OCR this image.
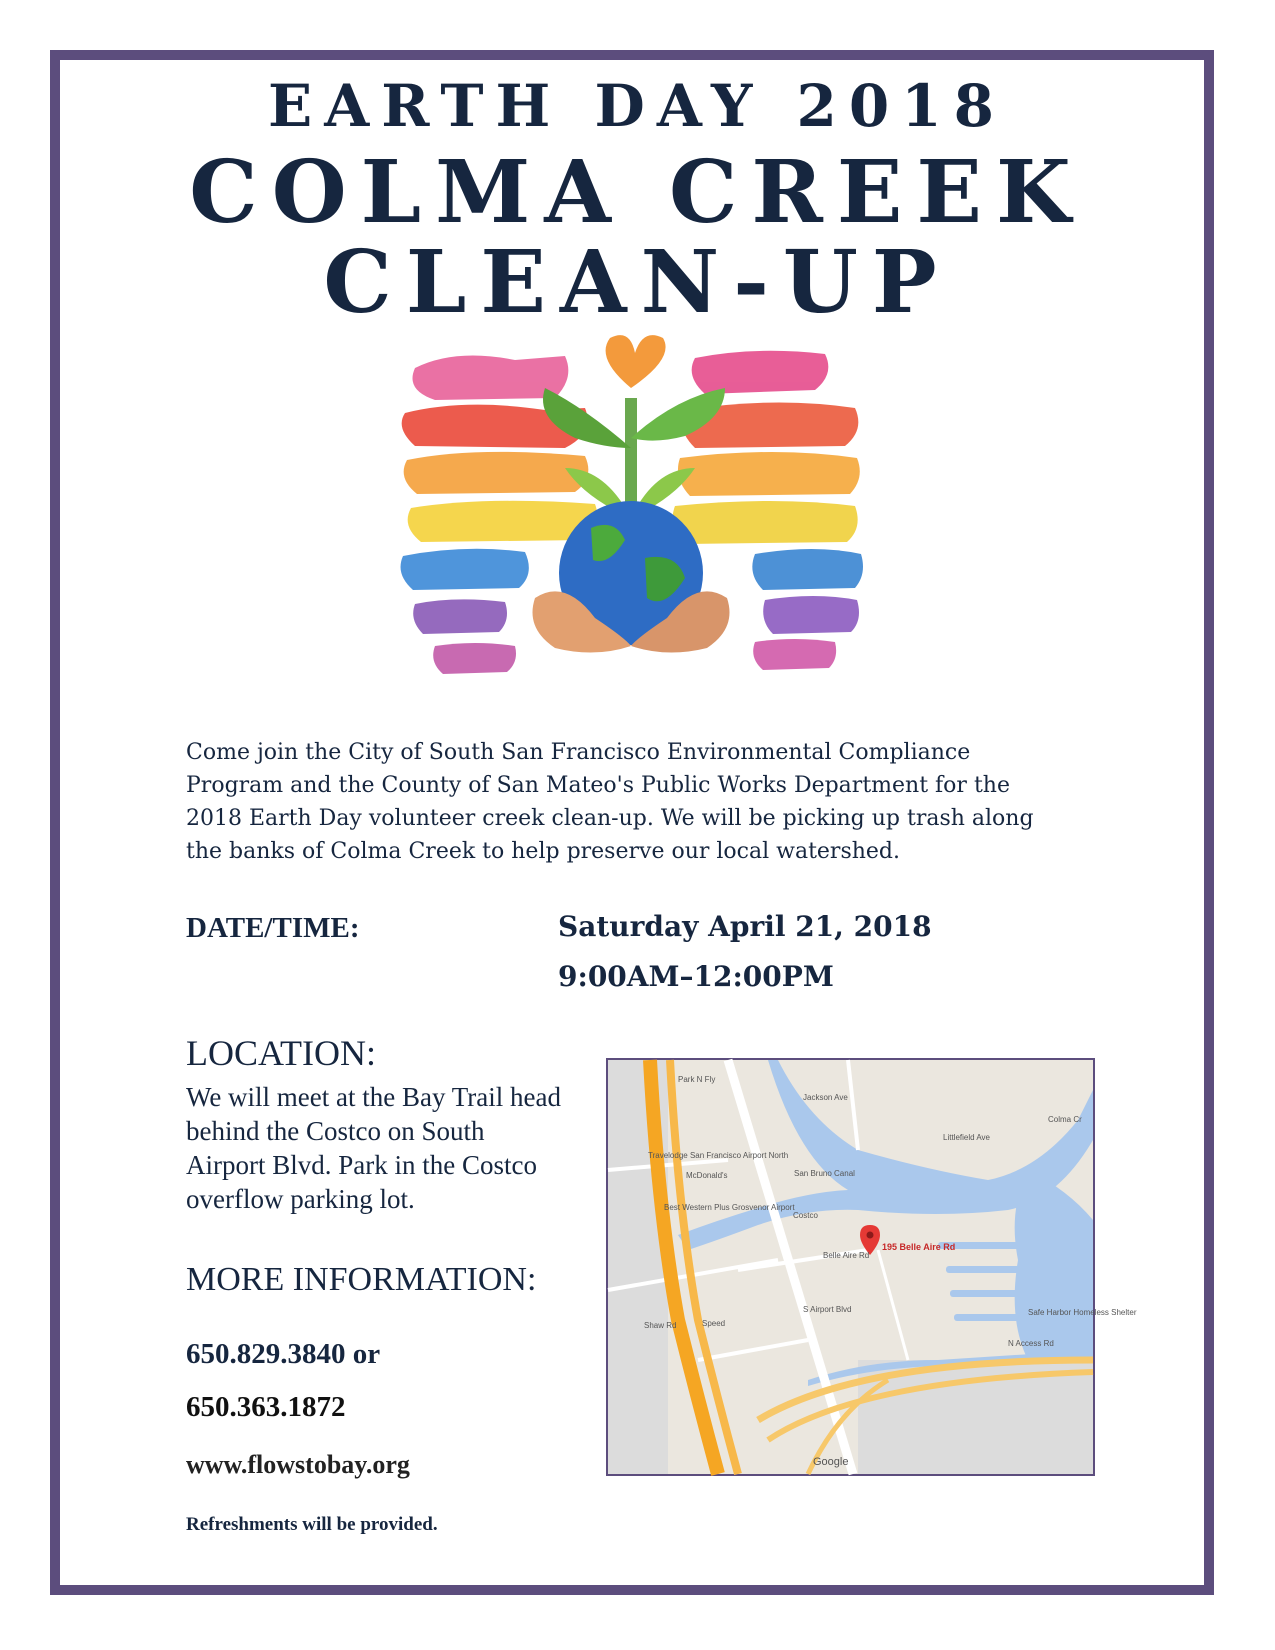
EARTH DAY 2018
COLMA CREEK
CLEAN-UP

Come join the City of South San Francisco Environmental Compliance Program and the County of San Mateo's Public Works Department for the 2018 Earth Day volunteer creek clean-up. We will be picking up trash along the banks of Colma Creek to help preserve our local watershed.

DATE/TIME:	Saturday April 21, 2018
9:00AM–12:00PM
LOCATION:
We will meet at the Bay Trail head behind the Costco on South Airport Blvd. Park in the Costco overflow parking lot.
MORE INFORMATION:
650.829.3840 or
650.363.1872
www.flowstobay.org
Refreshments will be provided.
195 Belle Aire Rd
Park N Fly
Jackson Ave
Travelodge San Francisco Airport North
McDonald's
Best Western Plus Grosvenor Airport
San Bruno Canal
Littlefield Ave
Colma Cr
Costco
Belle Aire Rd
Safe Harbor Homeless Shelter
N Access Rd
Shaw Rd	Speed
S Airport Blvd
Google
